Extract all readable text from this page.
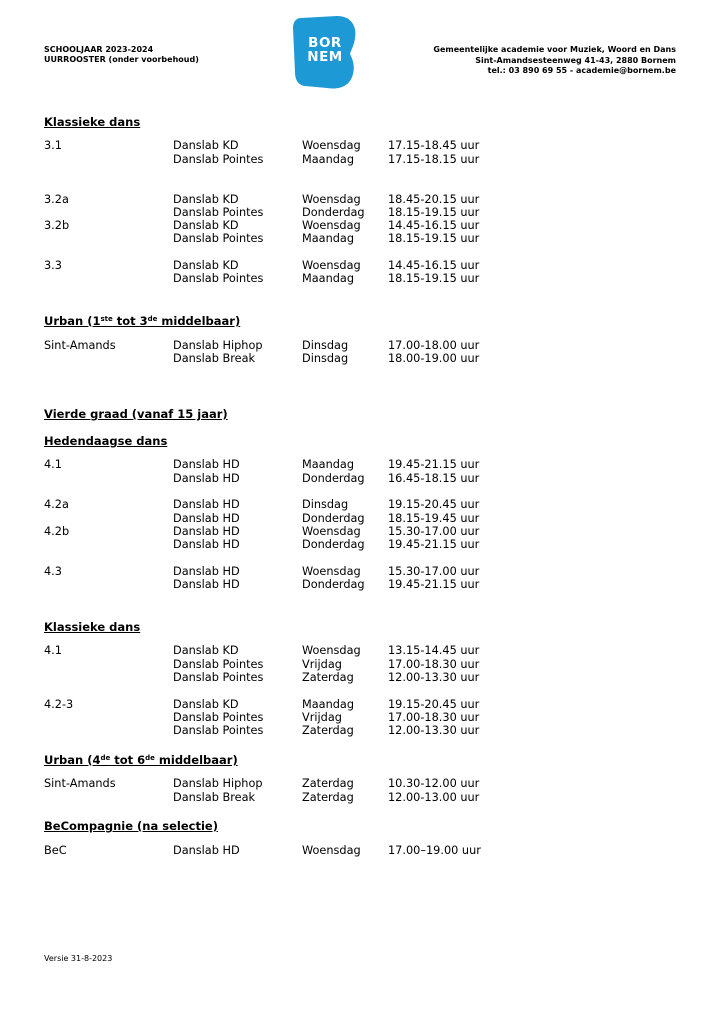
SCHOOLJAAR 2023-2024
UURROOSTER (onder voorbehoud)
BOR
NEM	Gemeentelijke academie voor Muziek, Woord en Dans
Sint-Amandsesteenweg 41-43, 2880 Bornem
tel.: 03 890 69 55 - academie@bornem.be
Klassieke dans
Urban (1ste tot 3de middelbaar)
Vierde graad (vanaf 15 jaar)
Hedendaagse dans
Klassieke dans
Urban (4de tot 6de middelbaar)
BeCompagnie (na selectie)
3.1	Danslab KD	Woensdag 17.15-18.45 uur
Danslab Pointes	Maandag	17.15-18.15 uur
3.2a	Danslab KD	Woensdag 18.45-20.15 uur
Danslab Pointes	Donderdag 18.15-19.15 uur
3.2b	Danslab KD	Woensdag 14.45-16.15 uur
Danslab Pointes	Maandag	18.15-19.15 uur
3.3	Danslab KD	Woensdag 14.45-16.15 uur
Danslab Pointes	Maandag	18.15-19.15 uur
Sint-Amands	Danslab Hiphop	Dinsdag	17.00-18.00 uur
Danslab Break	Dinsdag	18.00-19.00 uur
4.1	Danslab HD	Maandag	19.45-21.15 uur
Danslab HD	Donderdag 16.45-18.15 uur
4.2a	Danslab HD	Dinsdag	19.15-20.45 uur
Danslab HD	Donderdag 18.15-19.45 uur
4.2b	Danslab HD	Woensdag 15.30-17.00 uur
Danslab HD	Donderdag 19.45-21.15 uur
4.3	Danslab HD	Woensdag 15.30-17.00 uur
Danslab HD	Donderdag 19.45-21.15 uur
4.1	Danslab KD	Woensdag 13.15-14.45 uur
Danslab Pointes	Vrijdag	17.00-18.30 uur
Danslab Pointes	Zaterdag	12.00-13.30 uur
4.2-3	Danslab KD	Maandag	19.15-20.45 uur
Danslab Pointes	Vrijdag	17.00-18.30 uur
Danslab Pointes	Zaterdag	12.00-13.30 uur
Sint-Amands	Danslab Hiphop	Zaterdag	10.30-12.00 uur
Danslab Break	Zaterdag	12.00-13.00 uur
BeC	Danslab HD	Woensdag 17.00–19.00 uur
Versie 31-8-2023
